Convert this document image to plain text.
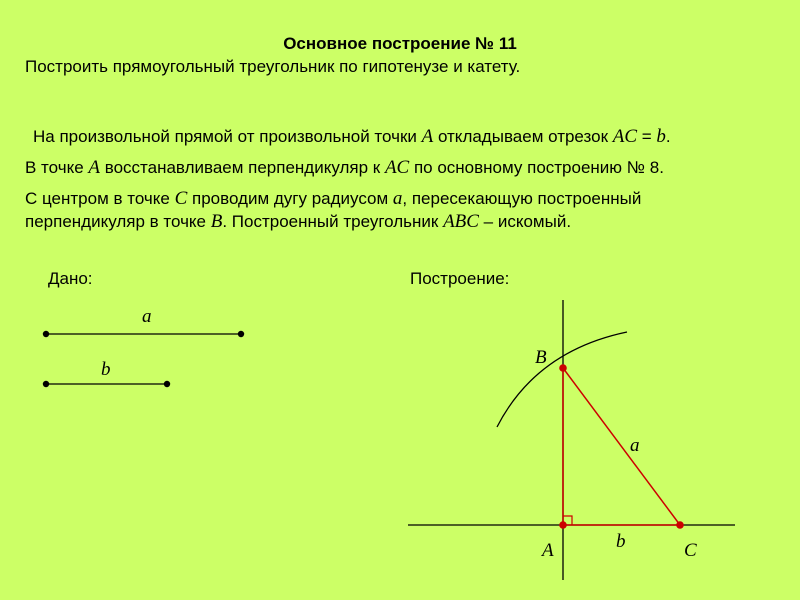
Основное построение № 11
Построить прямоугольный треугольник по гипотенузе и катету.
На произвольной прямой от произвольной точки A откладываем отрезок AC = b.
В точке A восстанавливаем перпендикуляр к AC по основному построению № 8.
С центром в точке C проводим дугу радиусом a, пересекающую построенный
перпендикуляр в точке B. Построенный треугольник ABC – искомый.
Дано:	Построение:
a
b
B
A	C
a
b
